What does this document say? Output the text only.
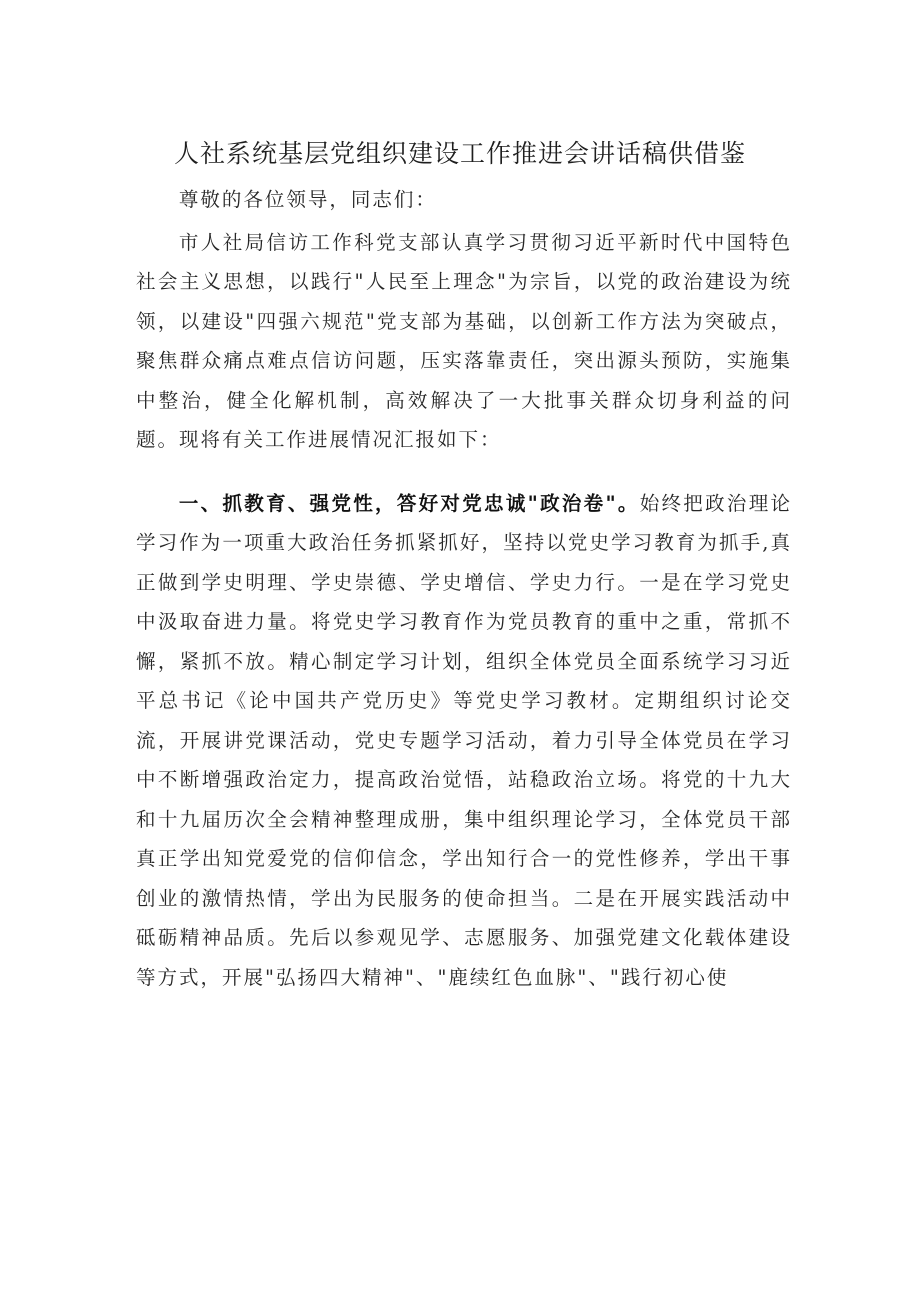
人社系统基层党组织建设工作推进会讲话稿供借鉴

尊敬的各位领导，同志们：

市人社局信访工作科党支部认真学习贯彻习近平新时代中国特色社会主义思想，以践行"人民至上理念"为宗旨，以党的政治建设为统领，以建设"四强六规范"党支部为基础，以创新工作方法为突破点，聚焦群众痛点难点信访问题，压实落靠责任，突出源头预防，实施集中整治，健全化解机制，高效解决了一大批事关群众切身利益的问题。现将有关工作进展情况汇报如下：

一、抓教育、强党性，答好对党忠诚"政治卷"。始终把政治理论学习作为一项重大政治任务抓紧抓好，坚持以党史学习教育为抓手,真正做到学史明理、学史崇德、学史增信、学史力行。一是在学习党史中汲取奋进力量。将党史学习教育作为党员教育的重中之重，常抓不懈，紧抓不放。精心制定学习计划，组织全体党员全面系统学习习近平总书记《论中国共产党历史》等党史学习教材。定期组织讨论交流，开展讲党课活动，党史专题学习活动，着力引导全体党员在学习中不断增强政治定力，提高政治觉悟，站稳政治立场。将党的十九大和十九届历次全会精神整理成册，集中组织理论学习，全体党员干部真正学出知党爱党的信仰信念，学出知行合一的党性修养，学出干事创业的激情热情，学出为民服务的使命担当。二是在开展实践活动中砥砺精神品质。先后以参观见学、志愿服务、加强党建文化载体建设等方式，开展"弘扬四大精神"、"鹿续红色血脉"、"践行初心使
